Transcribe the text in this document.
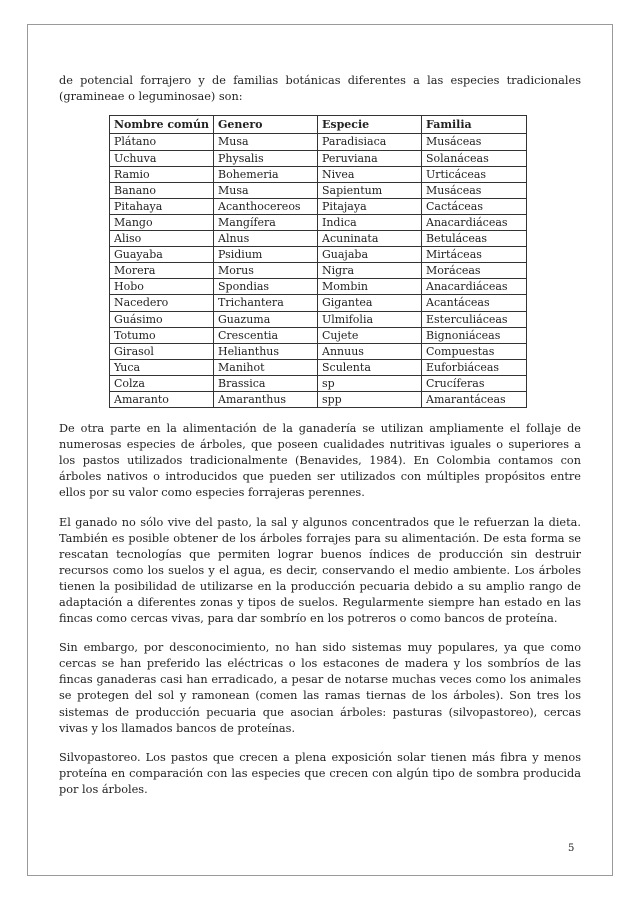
de potencial forrajero y de familias botánicas diferentes a las especies tradicionales (gramineae o leguminosae) son:

Nombre común	Genero	Especie	Familia
Plátano	Musa	Paradisiaca	Musáceas
Uchuva	Physalis	Peruviana	Solanáceas
Ramio	Bohemeria	Nivea	Urticáceas
Banano	Musa	Sapientum	Musáceas
Pitahaya	Acanthocereos	Pitajaya	Cactáceas
Mango	Mangífera	Indica	Anacardiáceas
Aliso	Alnus	Acuninata	Betuláceas
Guayaba	Psidium	Guajaba	Mirtáceas
Morera	Morus	Nigra	Moráceas
Hobo	Spondias	Mombin	Anacardiáceas
Nacedero	Trichantera	Gigantea	Acantáceas
Guásimo	Guazuma	Ulmifolia	Esterculiáceas
Totumo	Crescentia	Cujete	Bignoniáceas
Girasol	Helianthus	Annuus	Compuestas
Yuca	Manihot	Sculenta	Euforbiáceas
Colza	Brassica	sp	Crucíferas
Amaranto	Amaranthus	spp	Amarantáceas

De otra parte en la alimentación de la ganadería se utilizan ampliamente el follaje de numerosas especies de árboles, que poseen cualidades nutritivas iguales o superiores a los pastos utilizados tradicionalmente (Benavides, 1984). En Colombia contamos con árboles nativos o introducidos que pueden ser utilizados con múltiples propósitos entre ellos por su valor como especies forrajeras perennes.

El ganado no sólo vive del pasto, la sal y algunos concentrados que le refuerzan la dieta. También es posible obtener de los árboles forrajes para su alimentación. De esta forma se rescatan tecnologías que permiten lograr buenos índices de producción sin destruir recursos como los suelos y el agua, es decir, conservando el medio ambiente. Los árboles tienen la posibilidad de utilizarse en la producción pecuaria debido a su amplio rango de adaptación a diferentes zonas y tipos de suelos. Regularmente siempre han estado en las fincas como cercas vivas, para dar sombrío en los potreros o como bancos de proteína.

Sin embargo, por desconocimiento, no han sido sistemas muy populares, ya que como cercas se han preferido las eléctricas o los estacones de madera y los sombríos de las fincas ganaderas casi han erradicado, a pesar de notarse muchas veces como los animales se protegen del sol y ramonean (comen las ramas tiernas de los árboles). Son tres los sistemas de producción pecuaria que asocian árboles: pasturas (silvopastoreo), cercas vivas y los llamados bancos de proteínas.

Silvopastoreo. Los pastos que crecen a plena exposición solar tienen más fibra y menos proteína en comparación con las especies que crecen con algún tipo de sombra producida por los árboles.

5
